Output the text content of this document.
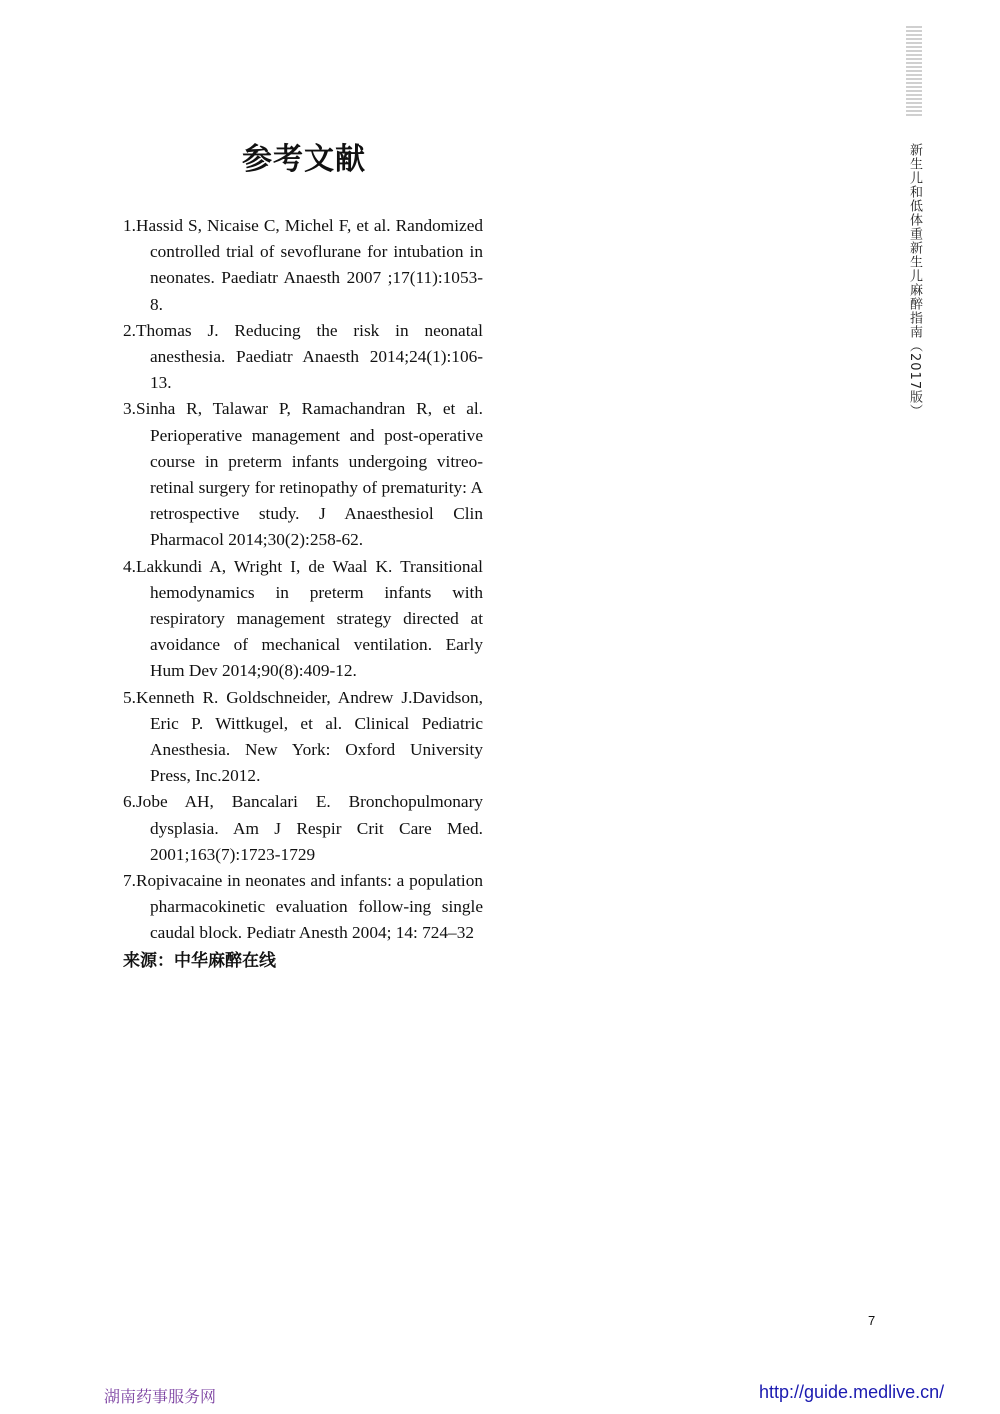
新生儿和低体重新生儿麻醉指南（2017版）
参考文献
1.Hassid S, Nicaise C, Michel F, et al. Randomized controlled trial of sevoflurane for intubation in neonates. Paediatr Anaesth 2007 ;17(11):1053-8.
2.Thomas J. Reducing the risk in neonatal anesthesia. Paediatr Anaesth 2014;24(1):106-13.
3.Sinha R, Talawar P, Ramachandran R, et al. Perioperative management and post-operative course in preterm infants undergoing vitreo-retinal surgery for retinopathy of prematurity: A retrospective study. J Anaesthesiol Clin Pharmacol 2014;30(2):258-62.
4.Lakkundi A, Wright I, de Waal K. Transitional hemodynamics in preterm infants with respiratory management strategy directed at avoidance of mechanical ventilation. Early Hum Dev 2014;90(8):409-12.
5.Kenneth R. Goldschneider, Andrew J.Davidson, Eric P. Wittkugel, et al. Clinical Pediatric Anesthesia. New York: Oxford University Press, Inc.2012.
6.Jobe AH, Bancalari E. Bronchopulmonary dysplasia. Am J Respir Crit Care Med. 2001;163(7):1723-1729
7.Ropivacaine in neonates and infants: a population pharmacokinetic evaluation follow-ing single caudal block. Pediatr Anesth 2004; 14: 724–32
来源：中华麻醉在线
7
湖南药事服务网	http://guide.medlive.cn/
